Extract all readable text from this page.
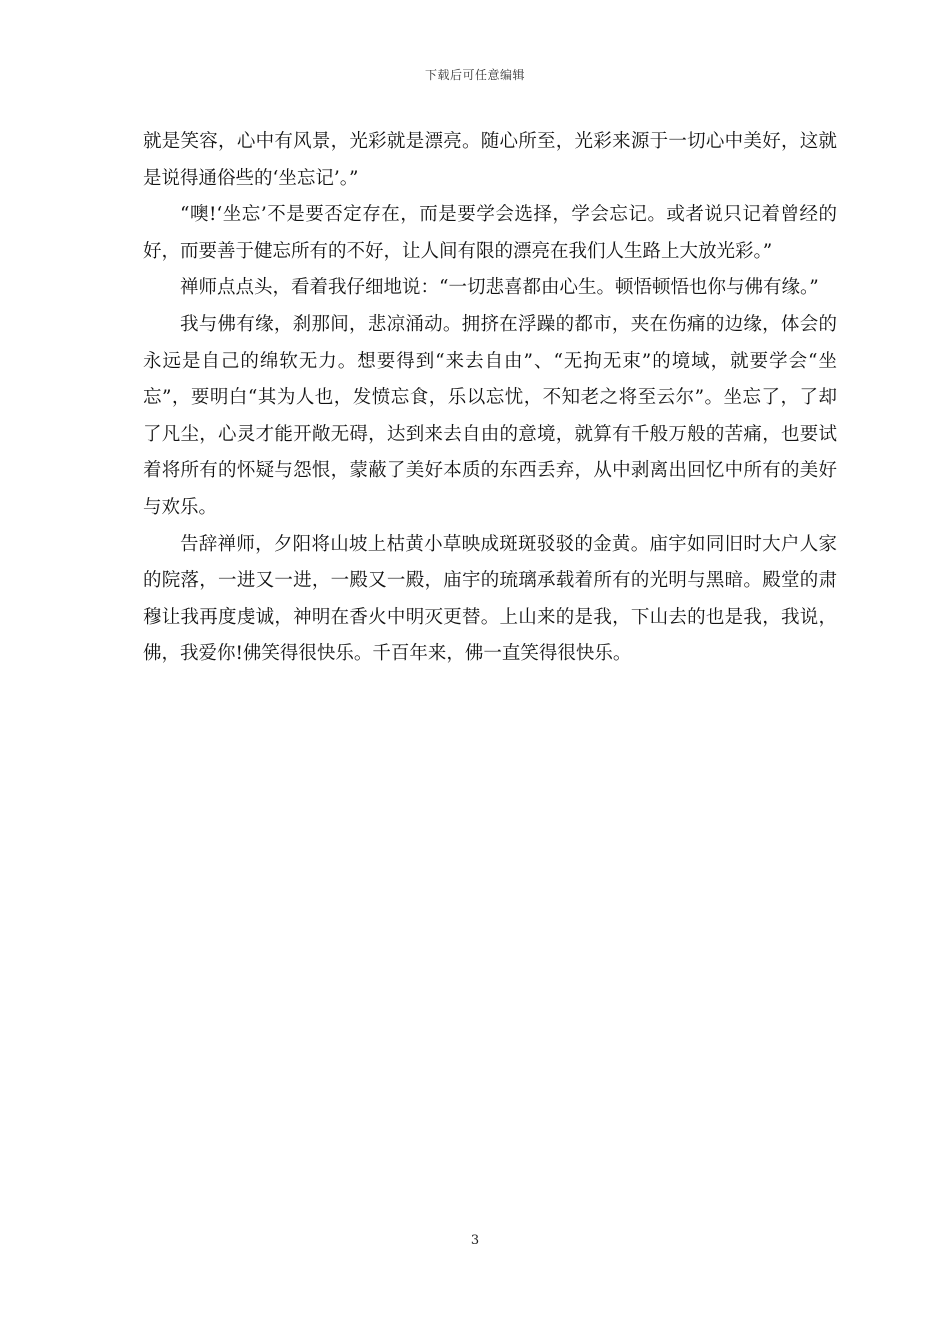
下载后可任意编辑

就是笑容，心中有风景，光彩就是漂亮。随心所至，光彩来源于一切心中美好，这就是说得通俗些的‘坐忘记’。”

“噢!‘坐忘’不是要否定存在，而是要学会选择，学会忘记。或者说只记着曾经的好，而要善于健忘所有的不好，让人间有限的漂亮在我们人生路上大放光彩。”

禅师点点头，看着我仔细地说：“一切悲喜都由心生。顿悟顿悟也你与佛有缘。”

我与佛有缘，刹那间，悲凉涌动。拥挤在浮躁的都市，夹在伤痛的边缘，体会的永远是自己的绵软无力。想要得到“来去自由”、“无拘无束”的境域，就要学会“坐忘”，要明白“其为人也，发愤忘食，乐以忘忧，不知老之将至云尔”。坐忘了，了却了凡尘，心灵才能开敞无碍，达到来去自由的意境，就算有千般万般的苦痛，也要试着将所有的怀疑与怨恨，蒙蔽了美好本质的东西丢弃，从中剥离出回忆中所有的美好与欢乐。

告辞禅师，夕阳将山坡上枯黄小草映成斑斑驳驳的金黄。庙宇如同旧时大户人家的院落，一进又一进，一殿又一殿，庙宇的琉璃承载着所有的光明与黑暗。殿堂的肃穆让我再度虔诚，神明在香火中明灭更替。上山来的是我，下山去的也是我，我说，佛，我爱你!佛笑得很快乐。千百年来，佛一直笑得很快乐。

3
